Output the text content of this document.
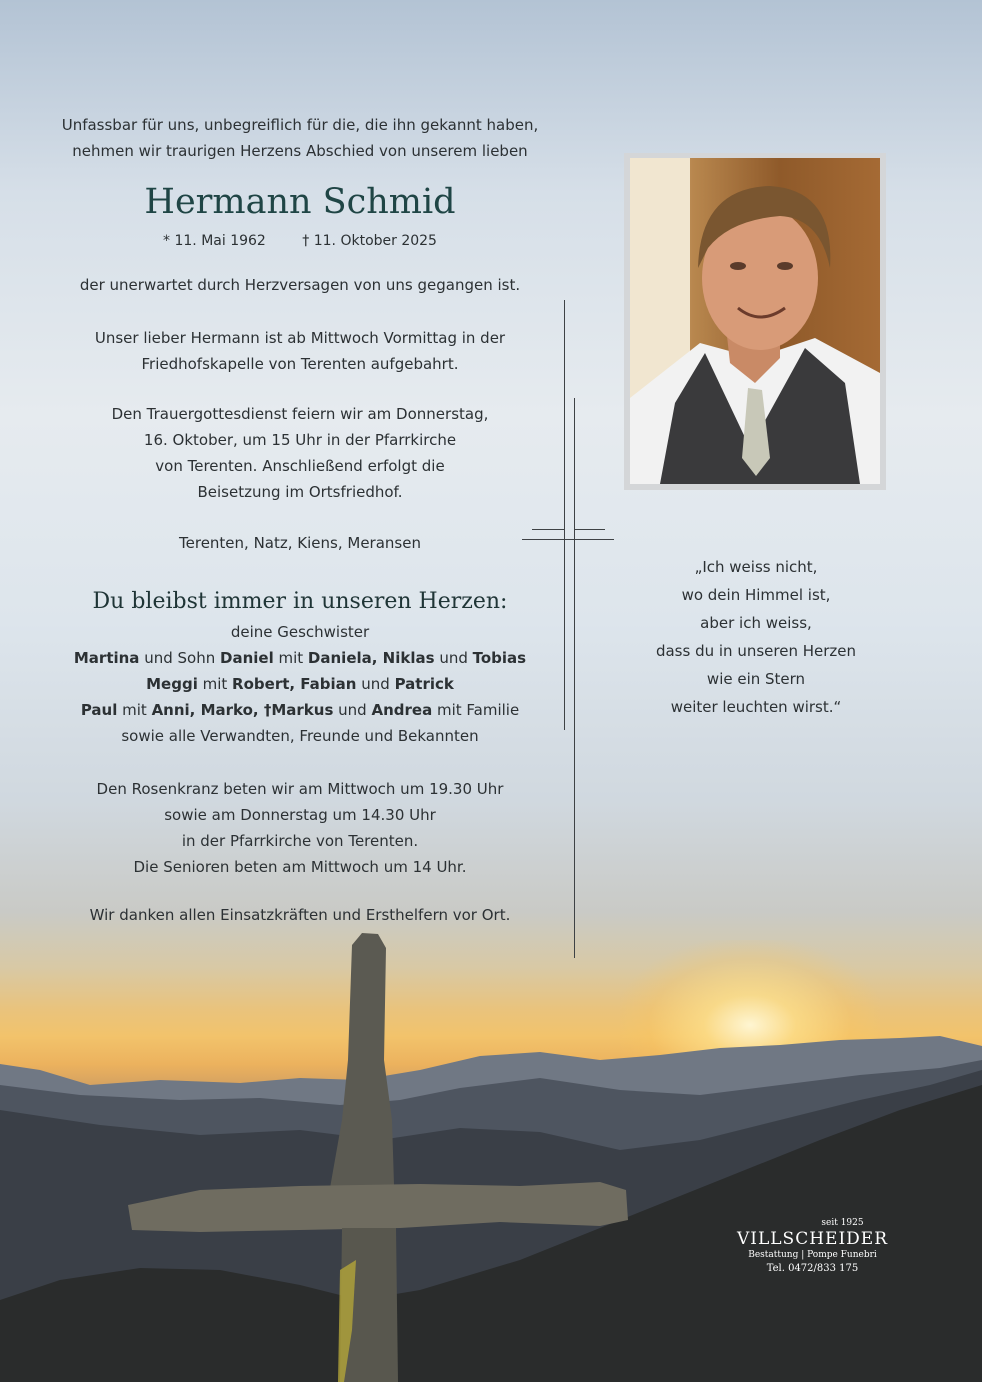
Unfassbar für uns, unbegreiflich für die, die ihn gekannt haben,
nehmen wir traurigen Herzens Abschied von unserem lieben
Hermann Schmid
* 11. Mai 1962	† 11. Oktober 2025
der unerwartet durch Herzversagen von uns gegangen ist.
Unser lieber Hermann ist ab Mittwoch Vormittag in der
Friedhofskapelle von Terenten aufgebahrt.
Den Trauergottesdienst feiern wir am Donnerstag,
16. Oktober, um 15 Uhr in der Pfarrkirche
von Terenten. Anschließend erfolgt die
Beisetzung im Ortsfriedhof.
Terenten, Natz, Kiens, Meransen
Du bleibst immer in unseren Herzen:
deine Geschwister
Martina und Sohn Daniel mit Daniela, Niklas und Tobias
Meggi mit Robert, Fabian und Patrick
Paul mit Anni, Marko, †Markus und Andrea mit Familie
sowie alle Verwandten, Freunde und Bekannten
Den Rosenkranz beten wir am Mittwoch um 19.30 Uhr
sowie am Donnerstag um 14.30 Uhr
in der Pfarrkirche von Terenten.
Die Senioren beten am Mittwoch um 14 Uhr.
Wir danken allen Einsatzkräften und Ersthelfern vor Ort.
„Ich weiss nicht,
wo dein Himmel ist,
aber ich weiss,
dass du in unseren Herzen
wie ein Stern
weiter leuchten wirst.“
seit 1925
VILLSCHEIDER
Bestattung | Pompe Funebri
Tel. 0472/833 175
